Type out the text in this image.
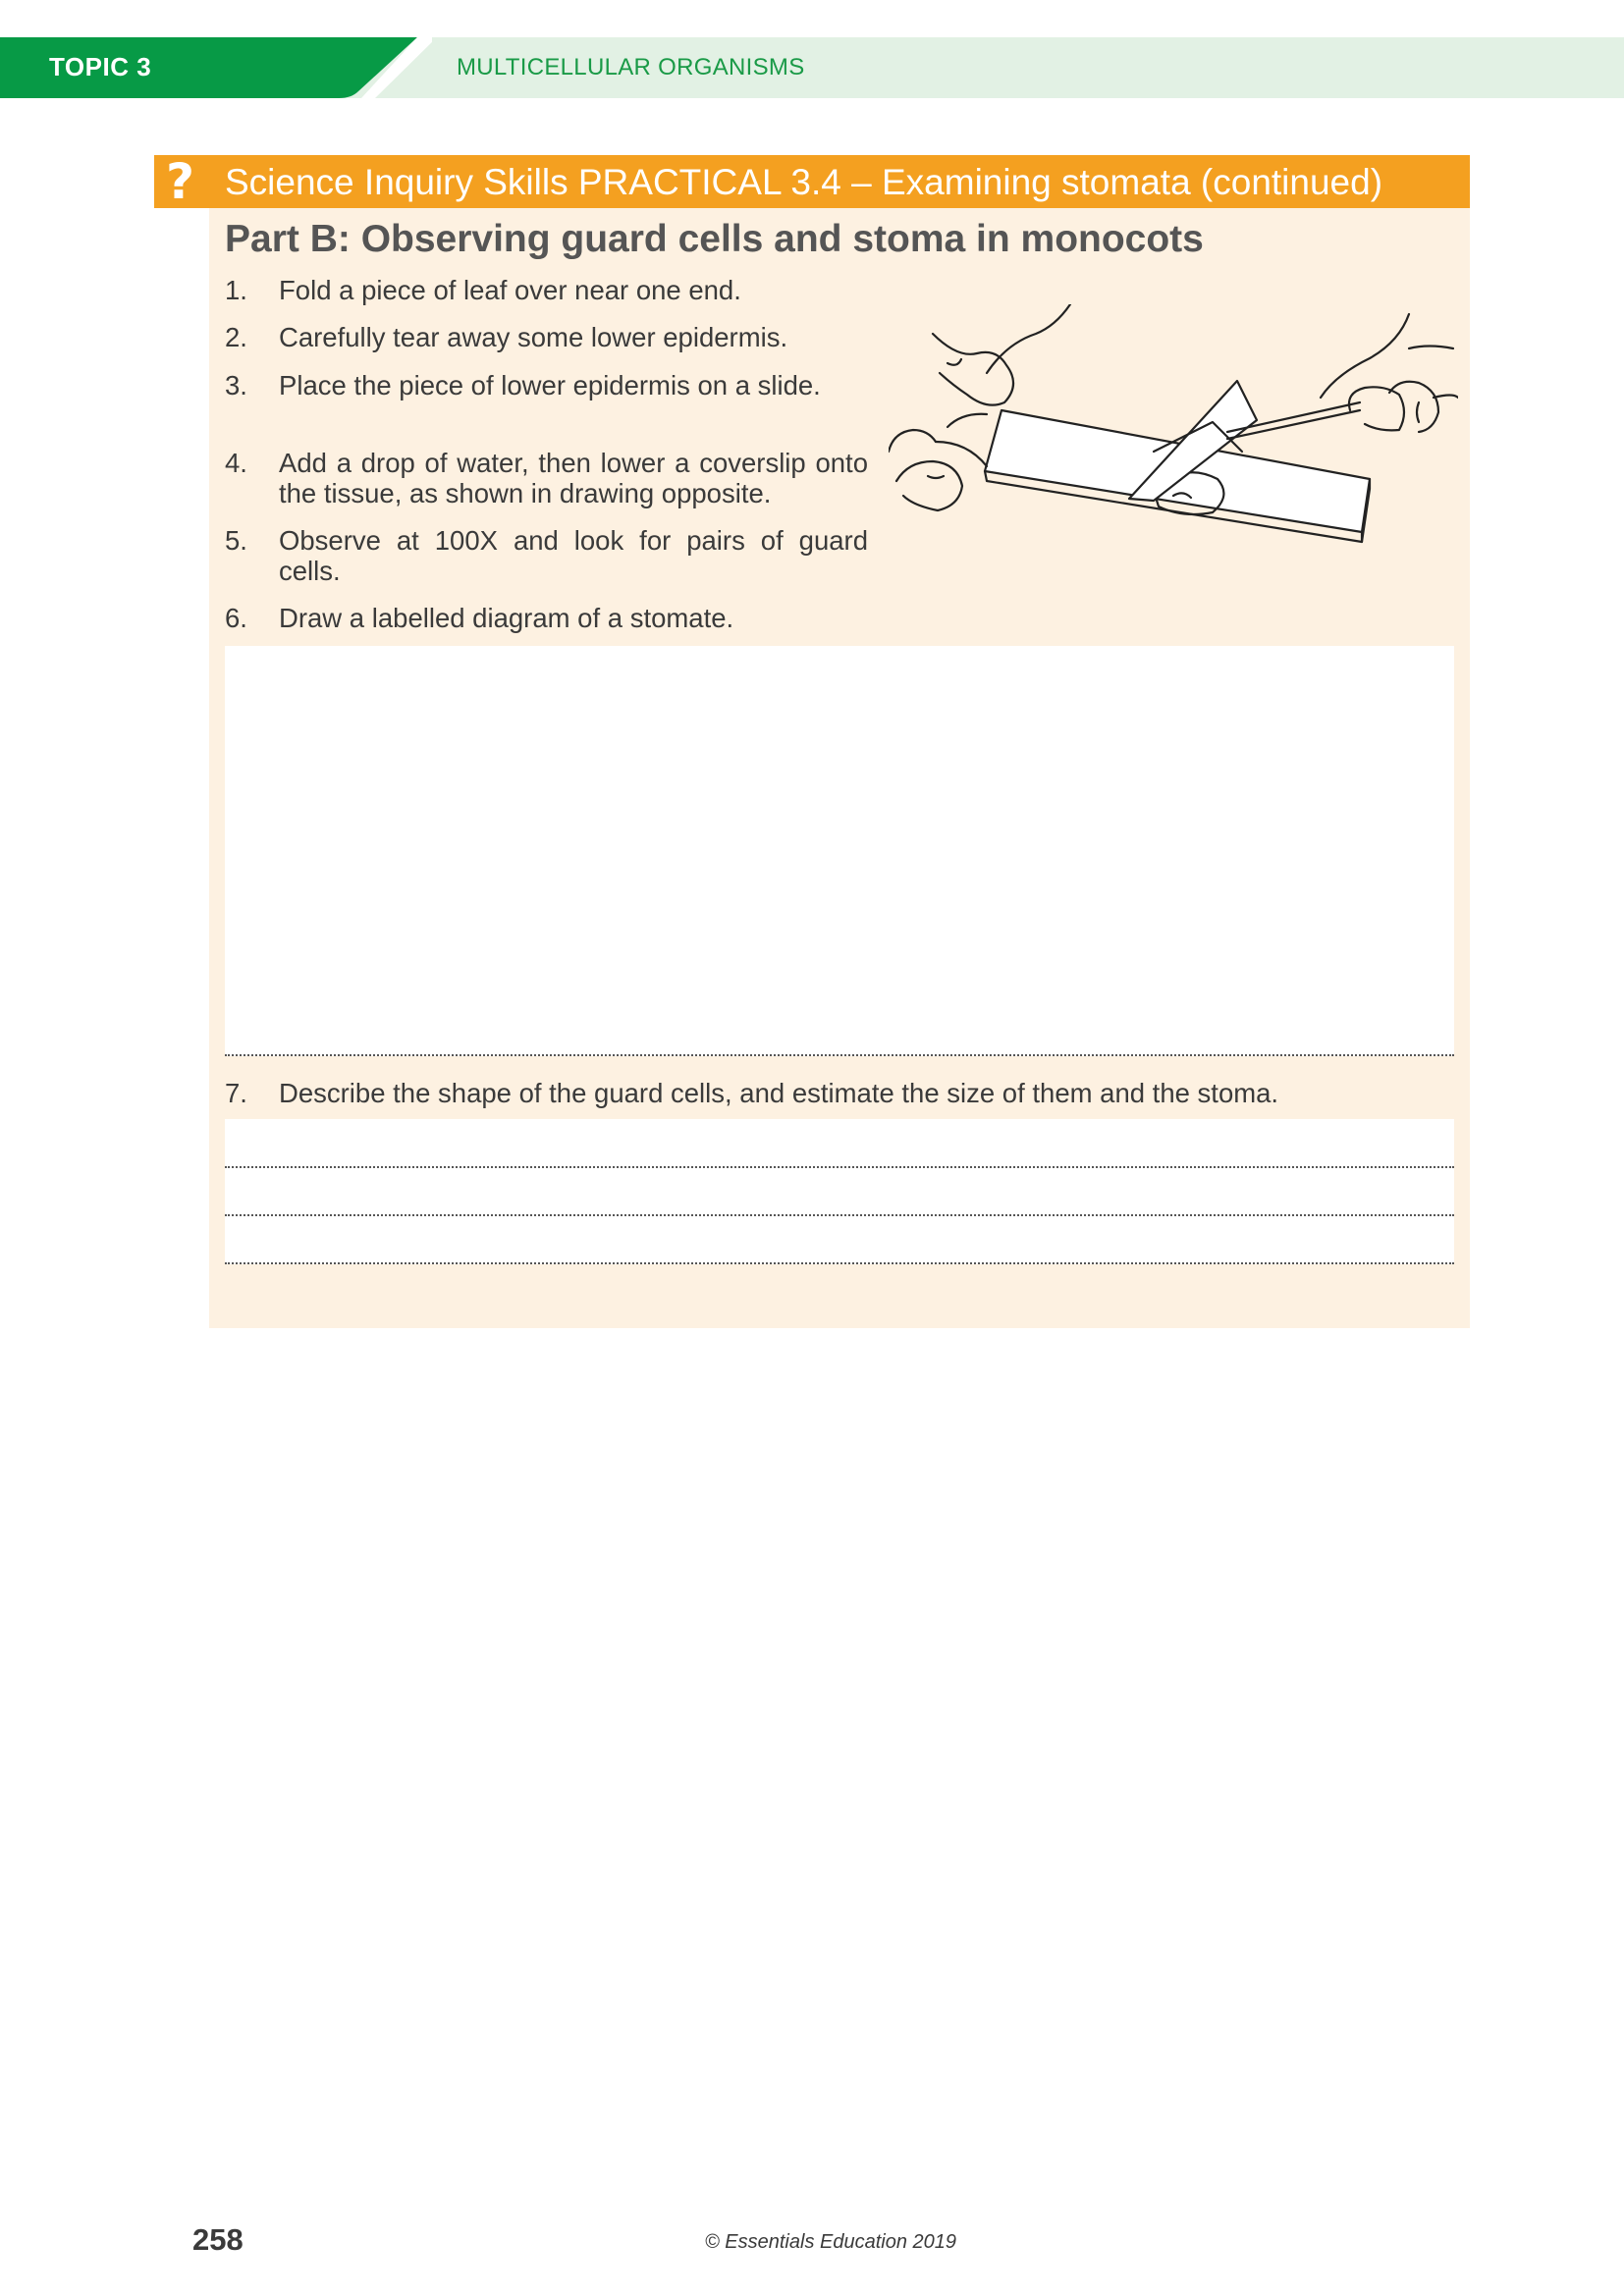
TOPIC 3	MULTICELLULAR ORGANISMS
? Science Inquiry Skills PRACTICAL 3.4 – Examining stomata (continued)
Part B: Observing guard cells and stoma in monocots
1.	Fold a piece of leaf over near one end.
2.	Carefully tear away some lower epidermis.
3.	Place the piece of lower epidermis on a slide.
4.	Add a drop of water, then lower a coverslip onto the tissue, as shown in drawing opposite.
5.	Observe at 100X and look for pairs of guard cells.
6.	Draw a labelled diagram of a stomate.
7.	Describe the shape of the guard cells, and estimate the size of them and the stoma.
258	© Essentials Education 2019
